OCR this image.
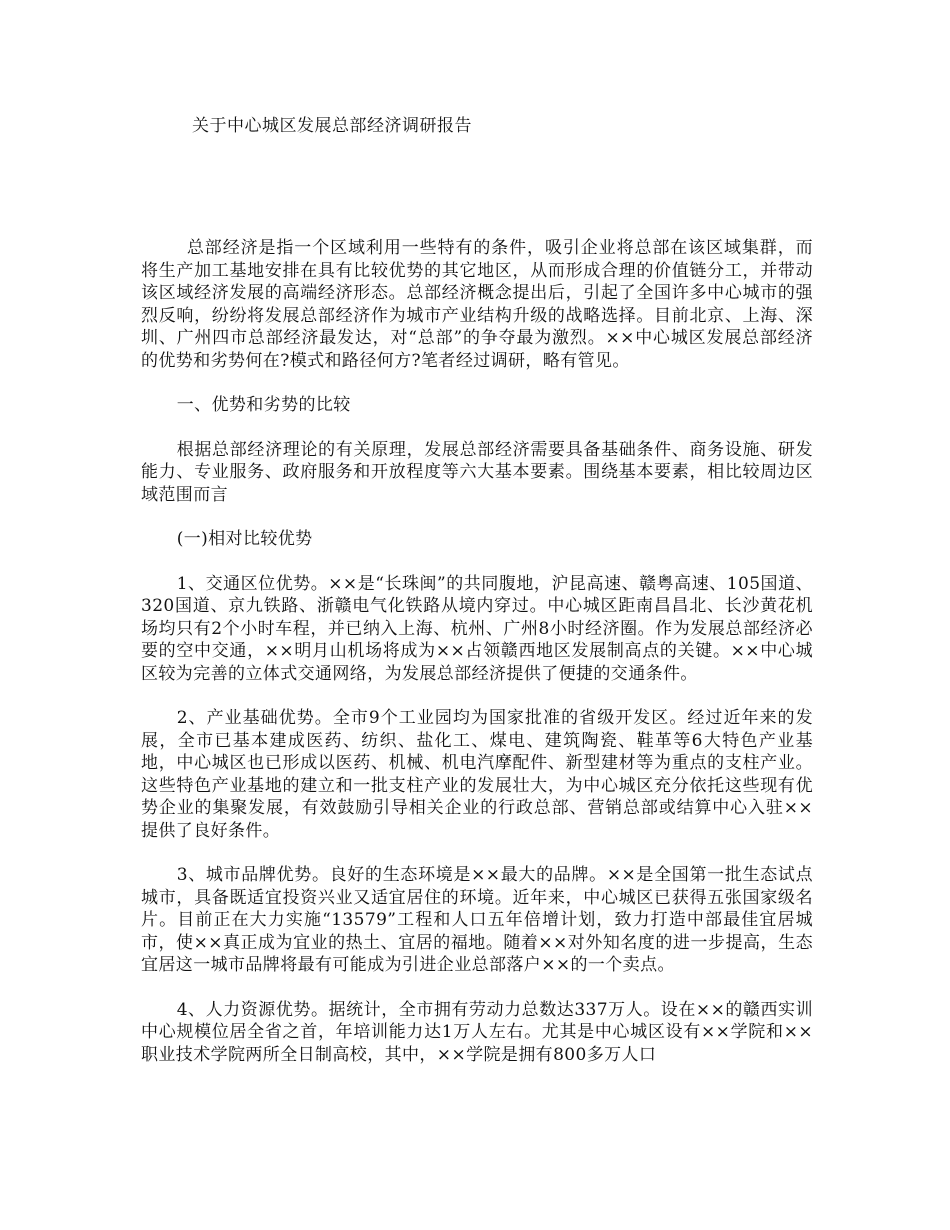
关于中心城区发展总部经济调研报告

总部经济是指一个区域利用一些特有的条件，吸引企业将总部在该区域集群，而将生产加工基地安排在具有比较优势的其它地区，从而形成合理的价值链分工，并带动该区域经济发展的高端经济形态。总部经济概念提出后，引起了全国许多中心城市的强烈反响，纷纷将发展总部经济作为城市产业结构升级的战略选择。目前北京、上海、深圳、广州四市总部经济最发达，对“总部”的争夺最为激烈。××中心城区发展总部经济的优势和劣势何在?模式和路径何方?笔者经过调研，略有管见。

一、优势和劣势的比较

根据总部经济理论的有关原理，发展总部经济需要具备基础条件、商务设施、研发能力、专业服务、政府服务和开放程度等六大基本要素。围绕基本要素，相比较周边区域范围而言

(一)相对比较优势

1、交通区位优势。××是“长珠闽”的共同腹地，沪昆高速、赣粤高速、105国道、320国道、京九铁路、浙赣电气化铁路从境内穿过。中心城区距南昌昌北、长沙黄花机场均只有2个小时车程，并已纳入上海、杭州、广州8小时经济圈。作为发展总部经济必要的空中交通，××明月山机场将成为××占领赣西地区发展制高点的关键。××中心城区较为完善的立体式交通网络，为发展总部经济提供了便捷的交通条件。

2、产业基础优势。全市9个工业园均为国家批准的省级开发区。经过近年来的发展，全市已基本建成医药、纺织、盐化工、煤电、建筑陶瓷、鞋革等6大特色产业基地，中心城区也已形成以医药、机械、机电汽摩配件、新型建材等为重点的支柱产业。这些特色产业基地的建立和一批支柱产业的发展壮大，为中心城区充分依托这些现有优势企业的集聚发展，有效鼓励引导相关企业的行政总部、营销总部或结算中心入驻××提供了良好条件。

3、城市品牌优势。良好的生态环境是××最大的品牌。××是全国第一批生态试点城市，具备既适宜投资兴业又适宜居住的环境。近年来，中心城区已获得五张国家级名片。目前正在大力实施“13579”工程和人口五年倍增计划，致力打造中部最佳宜居城市，使××真正成为宜业的热土、宜居的福地。随着××对外知名度的进一步提高，生态宜居这一城市品牌将最有可能成为引进企业总部落户××的一个卖点。

4、人力资源优势。据统计，全市拥有劳动力总数达337万人。设在××的赣西实训中心规模位居全省之首，年培训能力达1万人左右。尤其是中心城区设有××学院和××职业技术学院两所全日制高校，其中，××学院是拥有800多万人口
